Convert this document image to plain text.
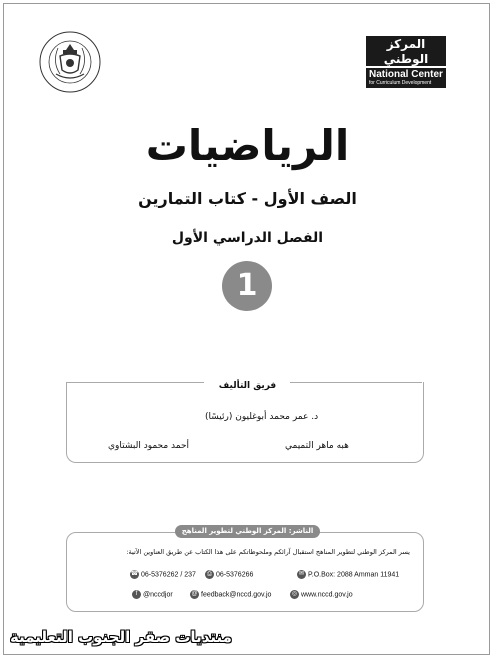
المركز الوطني
National Center
for Curriculum Development
الرياضيات
الصف الأول - كتاب التمارين
الفصل الدراسي الأول
1
فريق التأليف
د. عمر محمد أبوغليون (رئيسًا)
هبه ماهر التميمي
أحمد محمود البشتاوي
الناشر: المركز الوطني لتطوير المناهج
يسر المركز الوطني لتطوير المناهج استقبال آرائكم وملحوظاتكم على هذا الكتاب عن طريق العناوين الآتية:
☎ 06-5376262 / 237	⎙ 06-5376266	✉ P.O.Box: 2088 Amman 11941
f @nccdjor	@ feedback@nccd.gov.jo	◎ www.nccd.gov.jo
منتديات صقر الجنوب التعليمية
